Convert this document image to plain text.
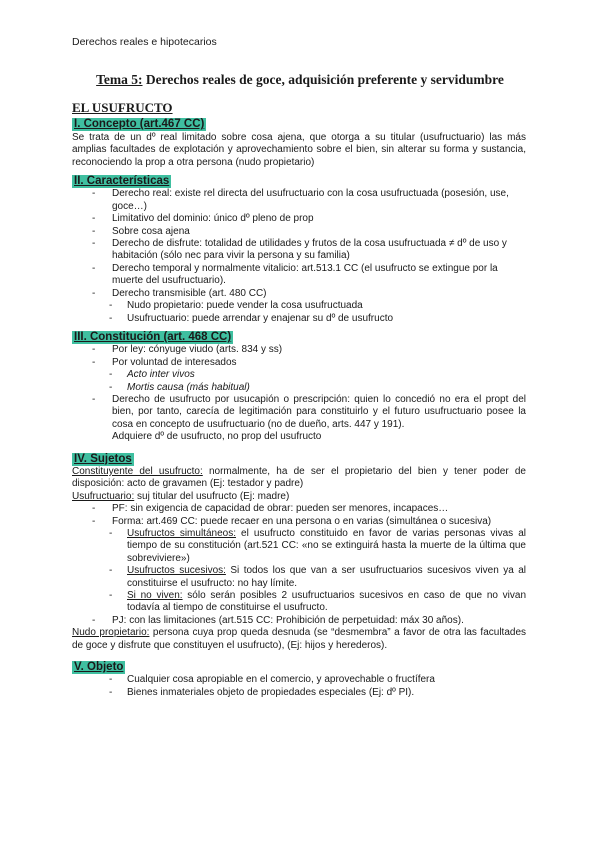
Derechos reales e hipotecarios
Tema 5: Derechos reales de goce, adquisición preferente y servidumbre
EL USUFRUCTO
I. Concepto (art.467 CC)

Se trata de un dº real limitado sobre cosa ajena, que otorga a su titular (usufructuario) las más amplias facultades de explotación y aprovechamiento sobre el bien, sin alterar su forma y sustancia, reconociendo la prop a otra persona (nudo propietario)

II. Características
- Derecho real: existe rel directa del usufructuario con la cosa usufructuada (posesión, use, goce…)
- Limitativo del dominio: único dº pleno de prop
- Sobre cosa ajena
- Derecho de disfrute: totalidad de utilidades y frutos de la cosa usufructuada ≠ dº de uso y habitación (sólo nec para vivir la persona y su familia)
- Derecho temporal y normalmente vitalicio: art.513.1 CC (el usufructo se extingue por la muerte del usufructuario).
- Derecho transmisible (art. 480 CC)
- Nudo propietario: puede vender la cosa usufructuada
- Usufructuario: puede arrendar y enajenar su dº de usufructo
III. Constitución (art. 468 CC)
- Por ley: cónyuge viudo (arts. 834 y ss)
- Por voluntad de interesados
- Acto inter vivos
- Mortis causa (más habitual)
- Derecho de usufructo por usucapión o prescripción: quien lo concedió no era el propt del bien, por tanto, carecía de legitimación para constituirlo y el futuro usufructuario posee la cosa en concepto de usufructuario (no de dueño, arts. 447 y 191).

Adquiere dº de usufructo, no prop del usufructo

IV. Sujetos

Constituyente del usufructo: normalmente, ha de ser el propietario del bien y tener poder de disposición: acto de gravamen (Ej: testador y padre)

Usufructuario: suj titular del usufructo (Ej: madre)

- PF: sin exigencia de capacidad de obrar: pueden ser menores, incapaces…
- Forma: art.469 CC: puede recaer en una persona o en varias (simultánea o sucesiva)
- Usufructos simultáneos: el usufructo constituido en favor de varias personas vivas al tiempo de su constitución (art.521 CC: «no se extinguirá hasta la muerte de la última que sobreviviere»)
- Usufructos sucesivos: Si todos los que van a ser usufructuarios sucesivos viven ya al constituirse el usufructo: no hay límite.
- Si no viven: sólo serán posibles 2 usufructuarios sucesivos en caso de que no vivan todavía al tiempo de constituirse el usufructo.
- PJ: con las limitaciones (art.515 CC: Prohibición de perpetuidad: máx 30 años).

Nudo propietario: persona cuya prop queda desnuda (se “desmembra” a favor de otra las facultades de goce y disfrute que constituyen el usufructo), (Ej: hijos y herederos).

V. Objeto
- Cualquier cosa apropiable en el comercio, y aprovechable o fructífera
- Bienes inmateriales objeto de propiedades especiales (Ej: dº PI).
